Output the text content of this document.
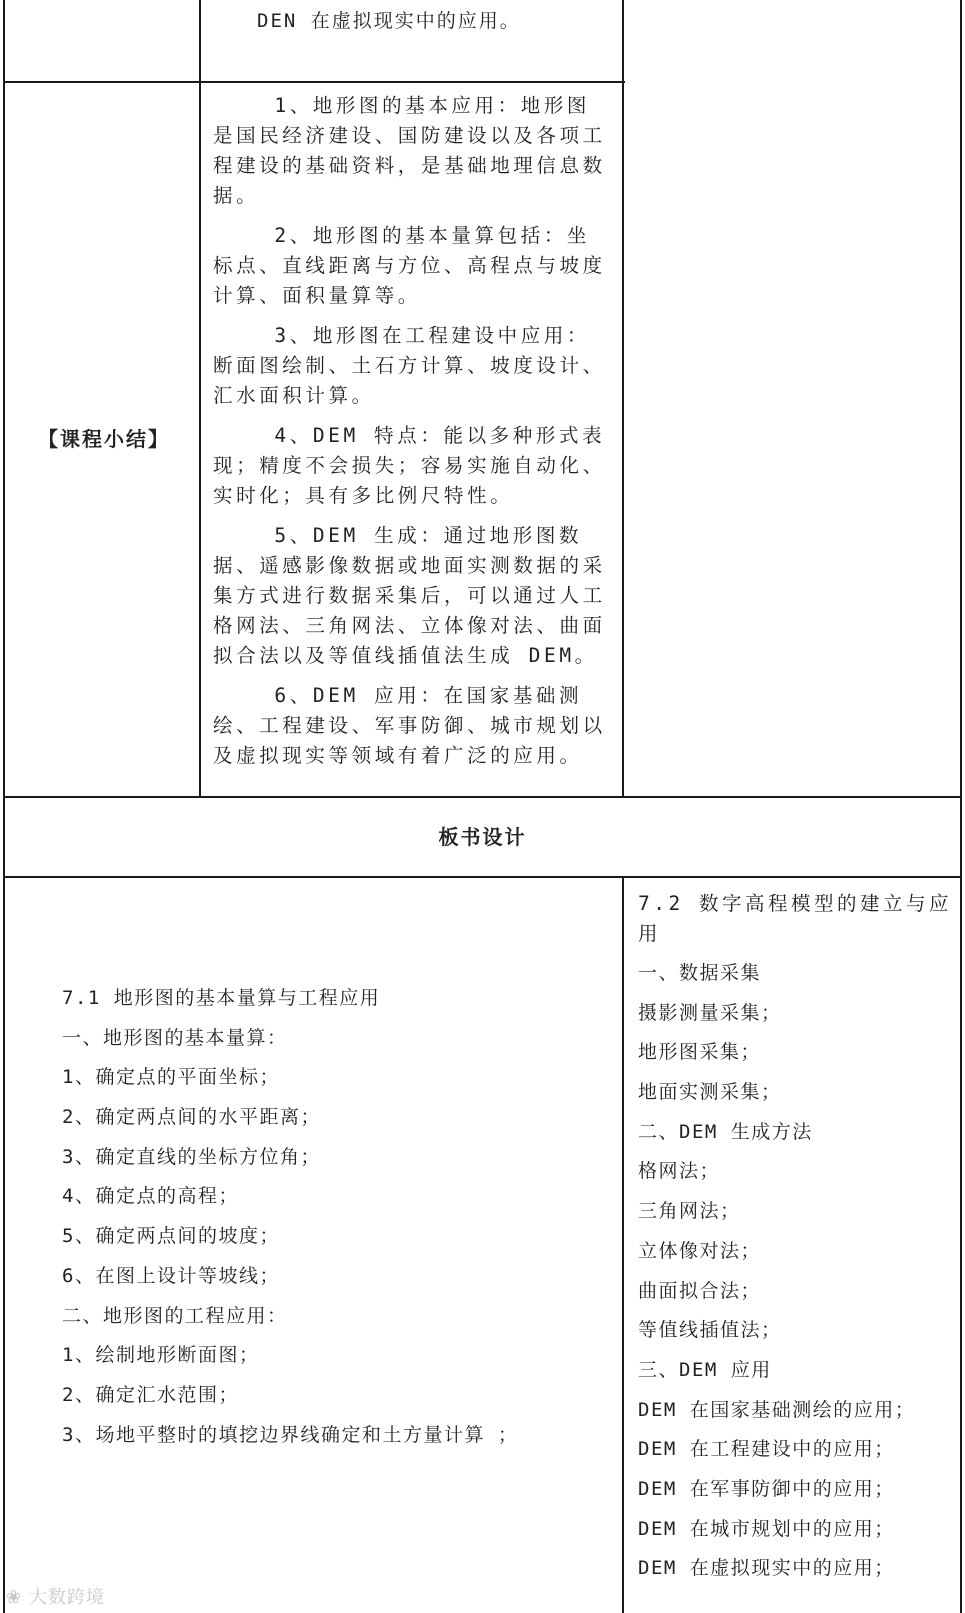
DEN 在虚拟现实中的应用。
【课程小结】
1、地形图的基本应用：地形图是国民经济建设、国防建设以及各项工程建设的基础资料，是基础地理信息数据。
2、地形图的基本量算包括：坐标点、直线距离与方位、高程点与坡度计算、面积量算等。
3、地形图在工程建设中应用：断面图绘制、土石方计算、坡度设计、汇水面积计算。
4、DEM 特点：能以多种形式表现；精度不会损失；容易实施自动化、实时化；具有多比例尺特性。
5、DEM 生成：通过地形图数据、遥感影像数据或地面实测数据的采集方式进行数据采集后，可以通过人工格网法、三角网法、立体像对法、曲面拟合法以及等值线插值法生成 DEM。
6、DEM 应用：在国家基础测绘、工程建设、军事防御、城市规划以及虚拟现实等领域有着广泛的应用。
板书设计
7.1 地形图的基本量算与工程应用
一、地形图的基本量算：
1、确定点的平面坐标；
2、确定两点间的水平距离；
3、确定直线的坐标方位角；
4、确定点的高程；
5、确定两点间的坡度；
6、在图上设计等坡线；
二、地形图的工程应用：
1、绘制地形断面图；
2、确定汇水范围；
3、场地平整时的填挖边界线确定和土方量计算 ；
7.2 数字高程模型的建立与应用
一、数据采集
摄影测量采集；
地形图采集；
地面实测采集；
二、DEM 生成方法
格网法；
三角网法；
立体像对法；
曲面拟合法；
等值线插值法；
三、DEM 应用
DEM 在国家基础测绘的应用；
DEM 在工程建设中的应用；
DEM 在军事防御中的应用；
DEM 在城市规划中的应用；
DEM 在虚拟现实中的应用；
❀ 大数跨境
